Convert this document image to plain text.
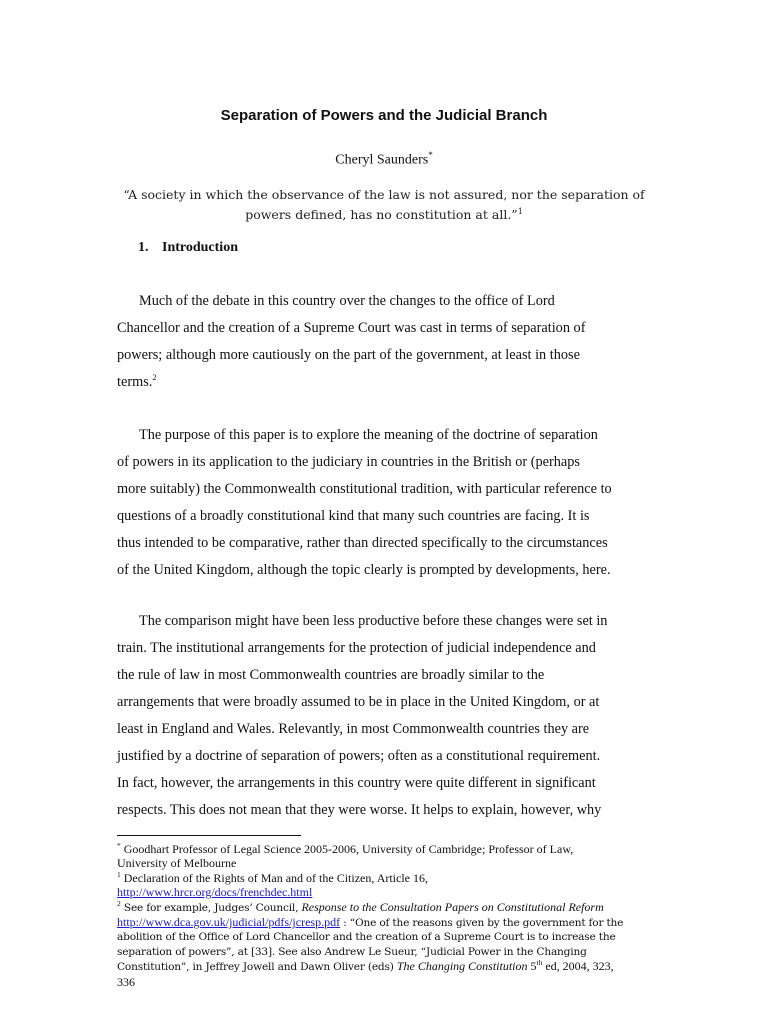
Separation of Powers and the Judicial Branch
Cheryl Saunders*
“A society in which the observance of the law is not assured, nor the separation of
powers defined, has no constitution at all.”$^1$
1. Introduction
Much of the debate in this country over the changes to the office of Lord
Chancellor and the creation of a Supreme Court was cast in terms of separation of
powers; although more cautiously on the part of the government, at least in those
terms.$^2$
The purpose of this paper is to explore the meaning of the doctrine of separation
of powers in its application to the judiciary in countries in the British or (perhaps
more suitably) the Commonwealth constitutional tradition, with particular reference to
questions of a broadly constitutional kind that many such countries are facing. It is
thus intended to be comparative, rather than directed specifically to the circumstances
of the United Kingdom, although the topic clearly is prompted by developments, here.
The comparison might have been less productive before these changes were set in
train. The institutional arrangements for the protection of judicial independence and
the rule of law in most Commonwealth countries are broadly similar to the
arrangements that were broadly assumed to be in place in the United Kingdom, or at
least in England and Wales. Relevantly, in most Commonwealth countries they are
justified by a doctrine of separation of powers; often as a constitutional requirement.
In fact, however, the arrangements in this country were quite different in significant
respects. This does not mean that they were worse. It helps to explain, however, why
* Goodhart Professor of Legal Science 2005-2006, University of Cambridge; Professor of Law,
University of Melbourne
$^1$ Declaration of the Rights of Man and of the Citizen, Article 16,
http://www.hrcr.org/docs/frenchdec.html
$^2$ See for example, Judges’ Council, Response to the Consultation Papers on Constitutional Reform
http://www.dca.gov.uk/judicial/pdfs/jcresp.pdf : “One of the reasons given by the government for the
abolition of the Office of Lord Chancellor and the creation of a Supreme Court is to increase the
separation of powers”, at [33]. See also Andrew Le Sueur, “Judicial Power in the Changing
Constitution”, in Jeffrey Jowell and Dawn Oliver (eds) The Changing Constitution 5th ed, 2004, 323,
336
